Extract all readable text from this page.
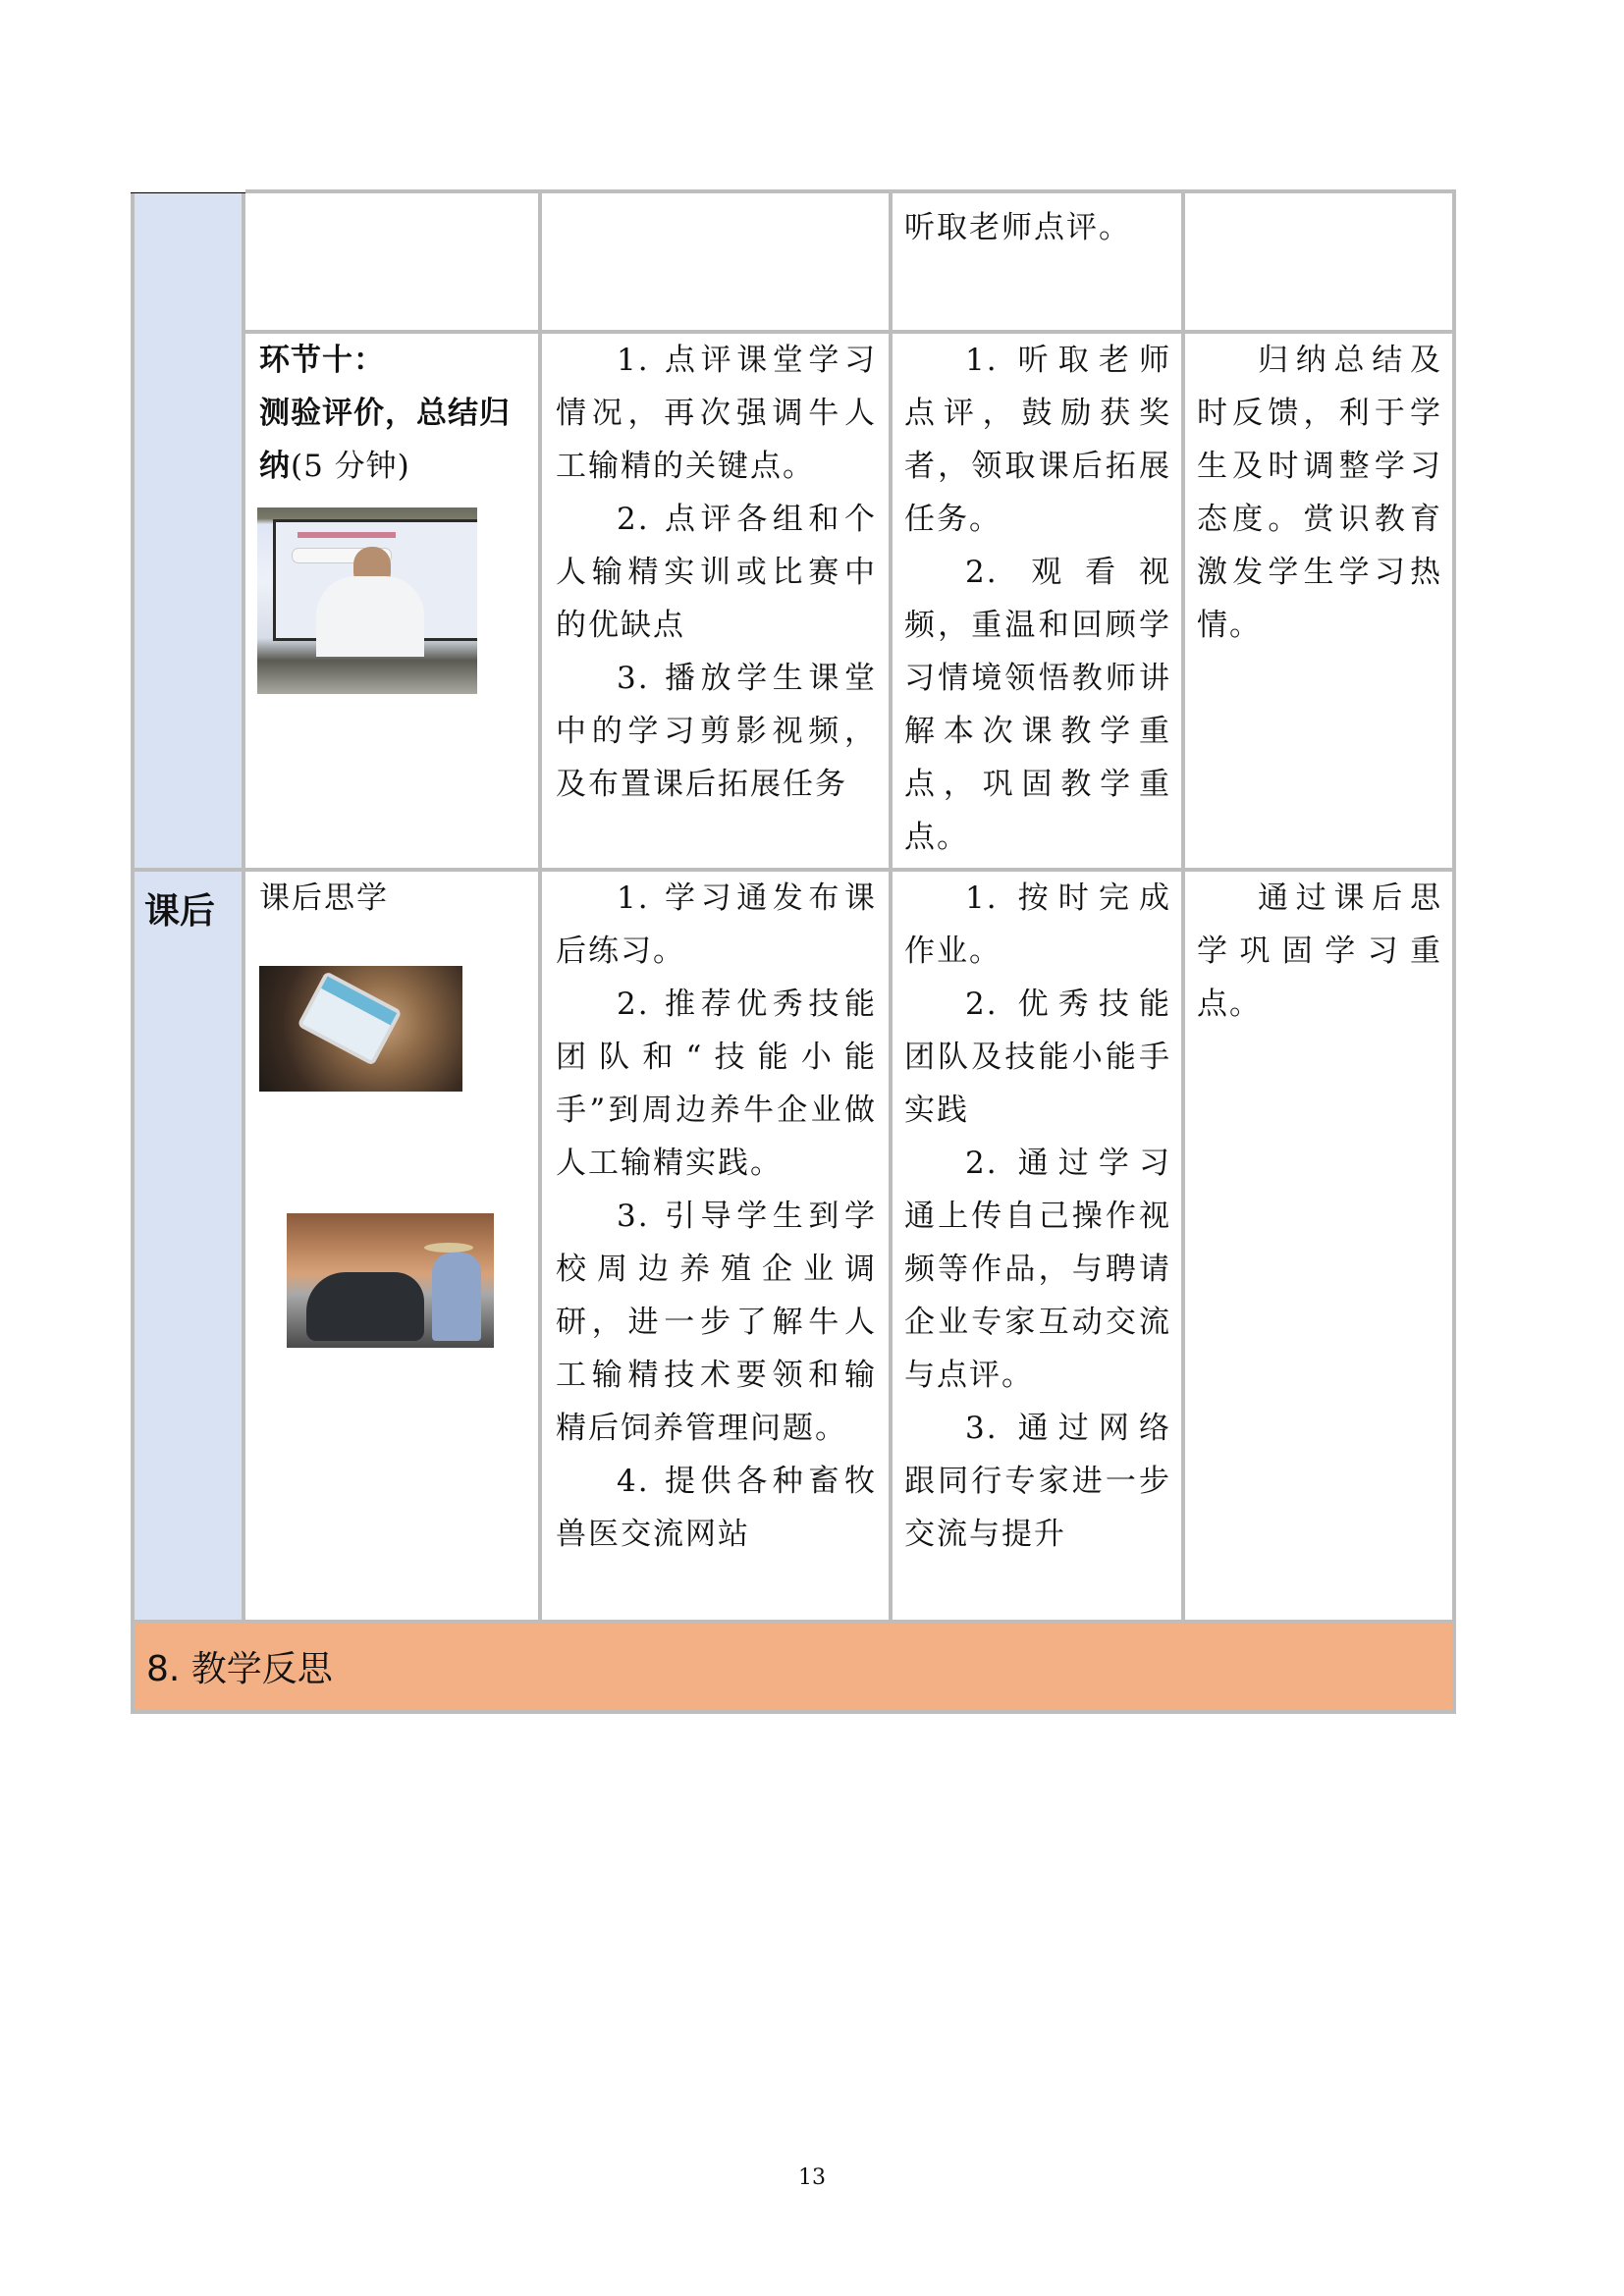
听取老师点评。

环节十：

测验评价，总结归纳(5 分钟)

1. 点评课堂学习情况，再次强调牛人工输精的关键点。

2. 点评各组和个人输精实训或比赛中的优缺点

3. 播放学生课堂中的学习剪影视频，及布置课后拓展任务

1. 听取老师点评，鼓励获奖者，领取课后拓展任务。

2. 观看视频，重温和回顾学习情境领悟教师讲解本次课教学重点，巩固教学重点。

归纳总结及时反馈，利于学生及时调整学习态度。赏识教育激发学生学习热情。

课后 课后思学	1. 学习通发布课后练习。

2. 推荐优秀技能团队和“技能小能手”到周边养牛企业做人工输精实践。

3. 引导学生到学校周边养殖企业调研，进一步了解牛人工输精技术要领和输精后饲养管理问题。

4. 提供各种畜牧兽医交流网站

1. 按时完成作业。

2. 优秀技能团队及技能小能手实践

2. 通过学习通上传自己操作视频等作品，与聘请企业专家互动交流与点评。

3. 通过网络跟同行专家进一步交流与提升

通过课后思学巩固学习重点。

8. 教学反思
13
